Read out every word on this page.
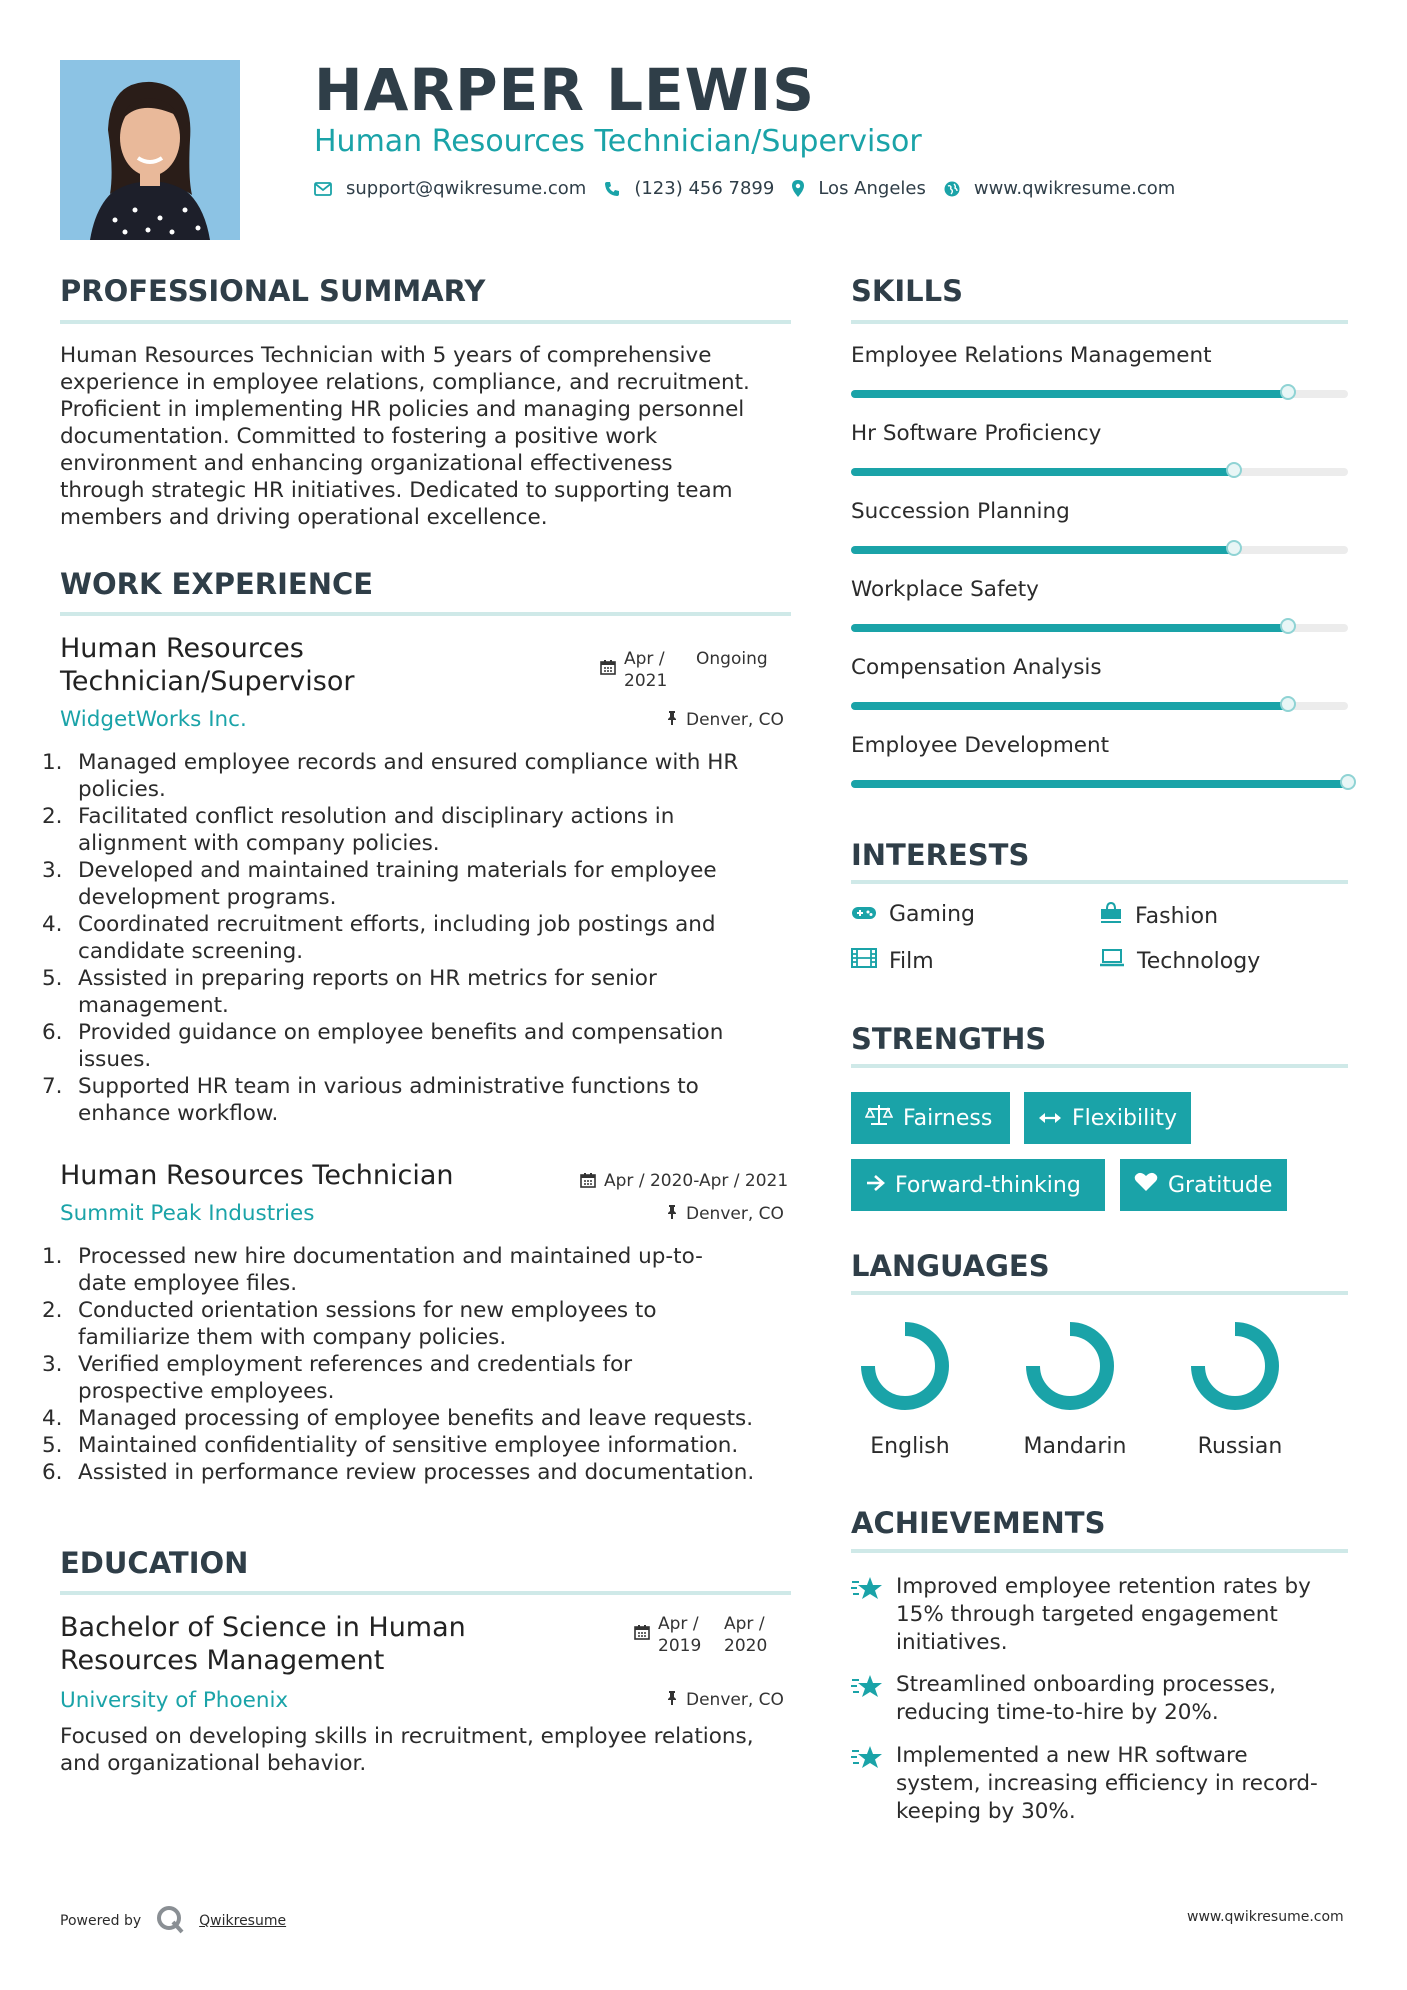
HARPER LEWIS
Human Resources Technician/Supervisor
support@qwikresume.com	(123) 456 7899 Los Angeles	www.qwikresume.com
PROFESSIONAL SUMMARY
Human Resources Technician with 5 years of comprehensive
experience in employee relations, compliance, and recruitment.
Proficient in implementing HR policies and managing personnel
documentation. Committed to fostering a positive work
environment and enhancing organizational effectiveness
through strategic HR initiatives. Dedicated to supporting team
members and driving operational excellence.
WORK EXPERIENCE
Human Resources
Technician/Supervisor
Apr / 2021
Ongoing
WidgetWorks Inc.	Denver, CO
1. Managed employee records and ensured compliance with HR
policies.
2. Facilitated conflict resolution and disciplinary actions in
alignment with company policies.
3. Developed and maintained training materials for employee
development programs.
4. Coordinated recruitment efforts, including job postings and
candidate screening.
5. Assisted in preparing reports on HR metrics for senior
management.
6. Provided guidance on employee benefits and compensation
issues.
7. Supported HR team in various administrative functions to
enhance workflow.
Human Resources Technician	Apr / 2020-Apr / 2021
Summit Peak Industries	Denver, CO
1. Processed new hire documentation and maintained up-to-
date employee files.
2. Conducted orientation sessions for new employees to
familiarize them with company policies.
3. Verified employment references and credentials for
prospective employees.
4. Managed processing of employee benefits and leave requests.
5. Maintained confidentiality of sensitive employee information.
6. Assisted in performance review processes and documentation.
EDUCATION
Bachelor of Science in Human
Resources Management
Apr / 2019
Apr / 2020
University of Phoenix	Denver, CO
Focused on developing skills in recruitment, employee relations,
and organizational behavior.
SKILLS
Employee Relations Management
Hr Software Proficiency
Succession Planning
Workplace Safety
Compensation Analysis
Employee Development
INTERESTS
Gaming	Fashion
Film	Technology
STRENGTHS
Fairness	Flexibility
Forward-thinking	Gratitude
LANGUAGES
English	Mandarin	Russian
ACHIEVEMENTS
Improved employee retention rates by
15% through targeted engagement
initiatives.
Streamlined onboarding processes,
reducing time-to-hire by 20%.
Implemented a new HR software
system, increasing efficiency in record-
keeping by 30%.
Powered by	Qwikresume	www.qwikresume.com
